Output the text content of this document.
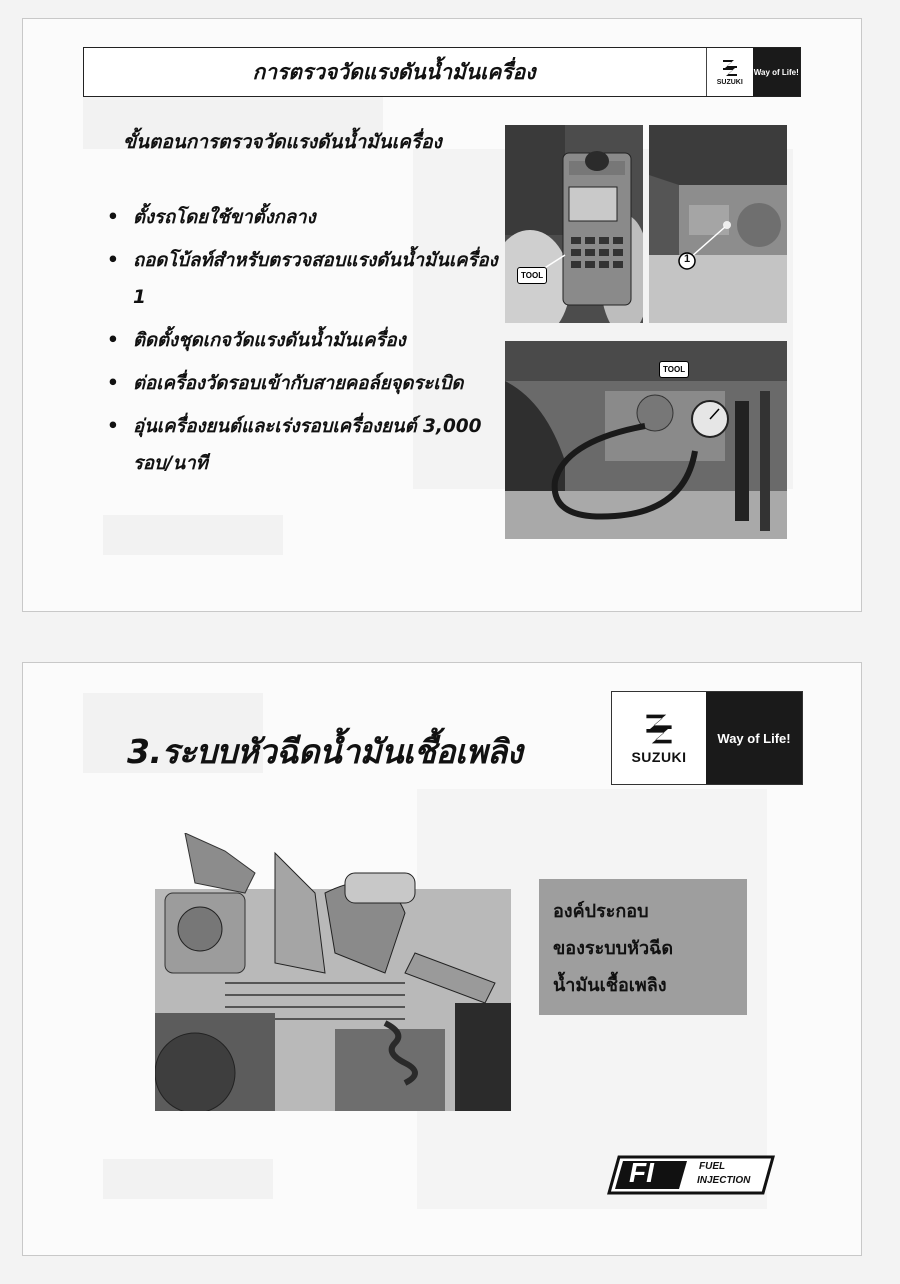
การตรวจวัดแรงดันน้ำมันเครื่อง	SUZUKI
Way of Life!
ขั้นตอนการตรวจวัดแรงดันน้ำมันเครื่อง
• ตั้งรถโดยใช้ขาตั้งกลาง
• ถอดโบ้ลท์สำหรับตรวจสอบแรงดันน้ำมันเครื่อง 1
• ติดตั้งชุดเกจวัดแรงดันน้ำมันเครื่อง
• ต่อเครื่องวัดรอบเข้ากับสายคอล์ยจุดระเบิด
• อุ่นเครื่องยนต์และเร่งรอบเครื่องยนต์ 3,000 รอบ/นาที
TOOL
1
TOOL
3.ระบบหัวฉีดน้ำมันเชื้อเพลิง	SUZUKI
Way of Life!
องค์ประกอบ
ของระบบหัวฉีด
น้ำมันเชื้อเพลิง
FI	FUEL
INJECTION
